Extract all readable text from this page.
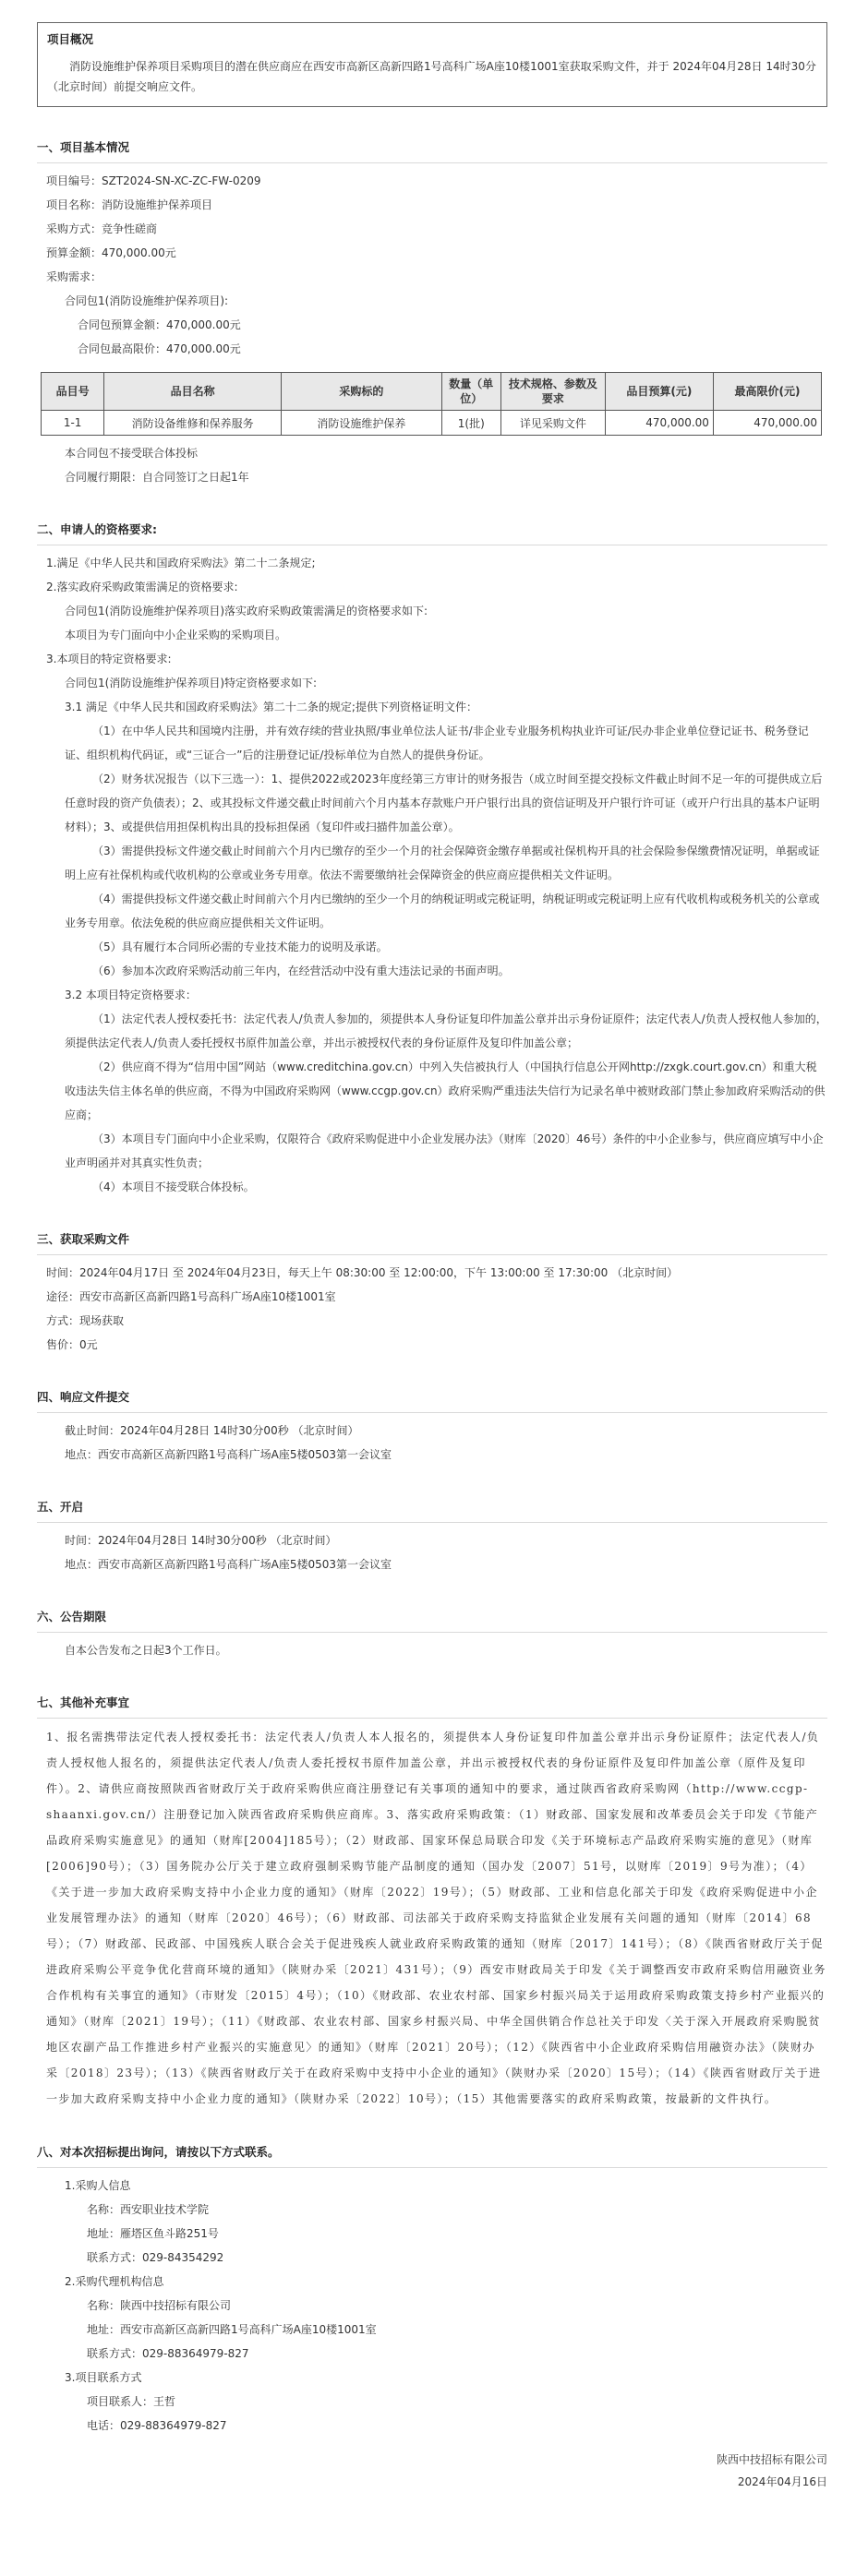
项目概况
消防设施维护保养项目采购项目的潜在供应商应在西安市高新区高新四路1号高科广场A座10楼1001室获取采购文件，并于 2024年04月28日 14时30分 （北京时间）前提交响应文件。
一、项目基本情况
项目编号：SZT2024-SN-XC-ZC-FW-0209
项目名称：消防设施维护保养项目
采购方式：竞争性磋商
预算金额：470,000.00元
采购需求：
合同包1(消防设施维护保养项目):
合同包预算金额：470,000.00元
合同包最高限价：470,000.00元
品目号	品目名称	采购标的	数量（单位）	技术规格、参数及要求	品目预算(元)	最高限价(元)
1-1	消防设备维修和保养服务	消防设施维护保养	1(批)	详见采购文件	470,000.00	470,000.00
本合同包不接受联合体投标
合同履行期限：自合同签订之日起1年
二、申请人的资格要求:
1.满足《中华人民共和国政府采购法》第二十二条规定;
2.落实政府采购政策需满足的资格要求:
合同包1(消防设施维护保养项目)落实政府采购政策需满足的资格要求如下:
本项目为专门面向中小企业采购的采购项目。
3.本项目的特定资格要求:
合同包1(消防设施维护保养项目)特定资格要求如下:
3.1 满足《中华人民共和国政府采购法》第二十二条的规定;提供下列资格证明文件：
（1）在中华人民共和国境内注册，并有效存续的营业执照/事业单位法人证书/非企业专业服务机构执业许可证/民办非企业单位登记证书、税务登记证、组织机构代码证，或“三证合一”后的注册登记证/投标单位为自然人的提供身份证。
（2）财务状况报告（以下三选一）：1、提供2022或2023年度经第三方审计的财务报告（成立时间至提交投标文件截止时间不足一年的可提供成立后任意时段的资产负债表）；2、或其投标文件递交截止时间前六个月内基本存款账户开户银行出具的资信证明及开户银行许可证（或开户行出具的基本户证明材料）；3、或提供信用担保机构出具的投标担保函（复印件或扫描件加盖公章）。
（3）需提供投标文件递交截止时间前六个月内已缴存的至少一个月的社会保障资金缴存单据或社保机构开具的社会保险参保缴费情况证明，单据或证明上应有社保机构或代收机构的公章或业务专用章。依法不需要缴纳社会保障资金的供应商应提供相关文件证明。
（4）需提供投标文件递交截止时间前六个月内已缴纳的至少一个月的纳税证明或完税证明，纳税证明或完税证明上应有代收机构或税务机关的公章或业务专用章。依法免税的供应商应提供相关文件证明。
（5）具有履行本合同所必需的专业技术能力的说明及承诺。
（6）参加本次政府采购活动前三年内，在经营活动中没有重大违法记录的书面声明。
3.2 本项目特定资格要求：
（1）法定代表人授权委托书：法定代表人/负责人参加的，须提供本人身份证复印件加盖公章并出示身份证原件；法定代表人/负责人授权他人参加的，须提供法定代表人/负责人委托授权书原件加盖公章，并出示被授权代表的身份证原件及复印件加盖公章；
（2）供应商不得为“信用中国”网站（www.creditchina.gov.cn）中列入失信被执行人（中国执行信息公开网http://zxgk.court.gov.cn）和重大税收违法失信主体名单的供应商，不得为中国政府采购网（www.ccgp.gov.cn）政府采购严重违法失信行为记录名单中被财政部门禁止参加政府采购活动的供应商；
（3）本项目专门面向中小企业采购，仅限符合《政府采购促进中小企业发展办法》（财库〔2020〕46号）条件的中小企业参与，供应商应填写中小企业声明函并对其真实性负责；
（4）本项目不接受联合体投标。
三、获取采购文件
时间：2024年04月17日 至 2024年04月23日，每天上午 08:30:00 至 12:00:00，下午 13:00:00 至 17:30:00 （北京时间）
途径：西安市高新区高新四路1号高科广场A座10楼1001室
方式：现场获取
售价：0元
四、响应文件提交
截止时间：2024年04月28日 14时30分00秒 （北京时间）
地点：西安市高新区高新四路1号高科广场A座5楼0503第一会议室
五、开启
时间：2024年04月28日 14时30分00秒 （北京时间）
地点：西安市高新区高新四路1号高科广场A座5楼0503第一会议室
六、公告期限
自本公告发布之日起3个工作日。
七、其他补充事宜
1、报名需携带法定代表人授权委托书：法定代表人/负责人本人报名的，须提供本人身份证复印件加盖公章并出示身份证原件；法定代表人/负责人授权他人报名的，须提供法定代表人/负责人委托授权书原件加盖公章，并出示被授权代表的身份证原件及复印件加盖公章（原件及复印件）。2、请供应商按照陕西省财政厅关于政府采购供应商注册登记有关事项的通知中的要求，通过陕西省政府采购网（http://www.ccgp-shaanxi.gov.cn/）注册登记加入陕西省政府采购供应商库。3、落实政府采购政策：（1）财政部、国家发展和改革委员会关于印发《节能产品政府采购实施意见》的通知（财库[2004]185号）；（2）财政部、国家环保总局联合印发《关于环境标志产品政府采购实施的意见》（财库[2006]90号）；（3）国务院办公厅关于建立政府强制采购节能产品制度的通知（国办发〔2007〕51号，以财库〔2019〕9号为准）；（4）《关于进一步加大政府采购支持中小企业力度的通知》（财库〔2022〕19号）；（5）财政部、工业和信息化部关于印发《政府采购促进中小企业发展管理办法》的通知（财库〔2020〕46号）；（6）财政部、司法部关于政府采购支持监狱企业发展有关问题的通知（财库〔2014〕68号）；（7）财政部、民政部、中国残疾人联合会关于促进残疾人就业政府采购政策的通知（财库〔2017〕141号）；（8）《陕西省财政厅关于促进政府采购公平竞争优化营商环境的通知》（陕财办采〔2021〕431号）；（9）西安市财政局关于印发《关于调整西安市政府采购信用融资业务合作机构有关事宜的通知》（市财发〔2015〕4号）；（10）《财政部、农业农村部、国家乡村振兴局关于运用政府采购政策支持乡村产业振兴的通知》（财库〔2021〕19号）；（11）《财政部、农业农村部、国家乡村振兴局、中华全国供销合作总社关于印发〈关于深入开展政府采购脱贫地区农副产品工作推进乡村产业振兴的实施意见〉的通知》（财库〔2021〕20号）；（12）《陕西省中小企业政府采购信用融资办法》（陕财办采〔2018〕23号）；（13）《陕西省财政厅关于在政府采购中支持中小企业的通知》（陕财办采〔2020〕15号）；（14）《陕西省财政厅关于进一步加大政府采购支持中小企业力度的通知》（陕财办采〔2022〕10号）；（15）其他需要落实的政府采购政策，按最新的文件执行。
八、对本次招标提出询问，请按以下方式联系。
1.采购人信息
名称：西安职业技术学院
地址：雁塔区鱼斗路251号
联系方式：029-84354292
2.采购代理机构信息
名称：陕西中技招标有限公司
地址：西安市高新区高新四路1号高科广场A座10楼1001室
联系方式：029-88364979-827
3.项目联系方式
项目联系人：王哲
电话：029-88364979-827
陕西中技招标有限公司
2024年04月16日
